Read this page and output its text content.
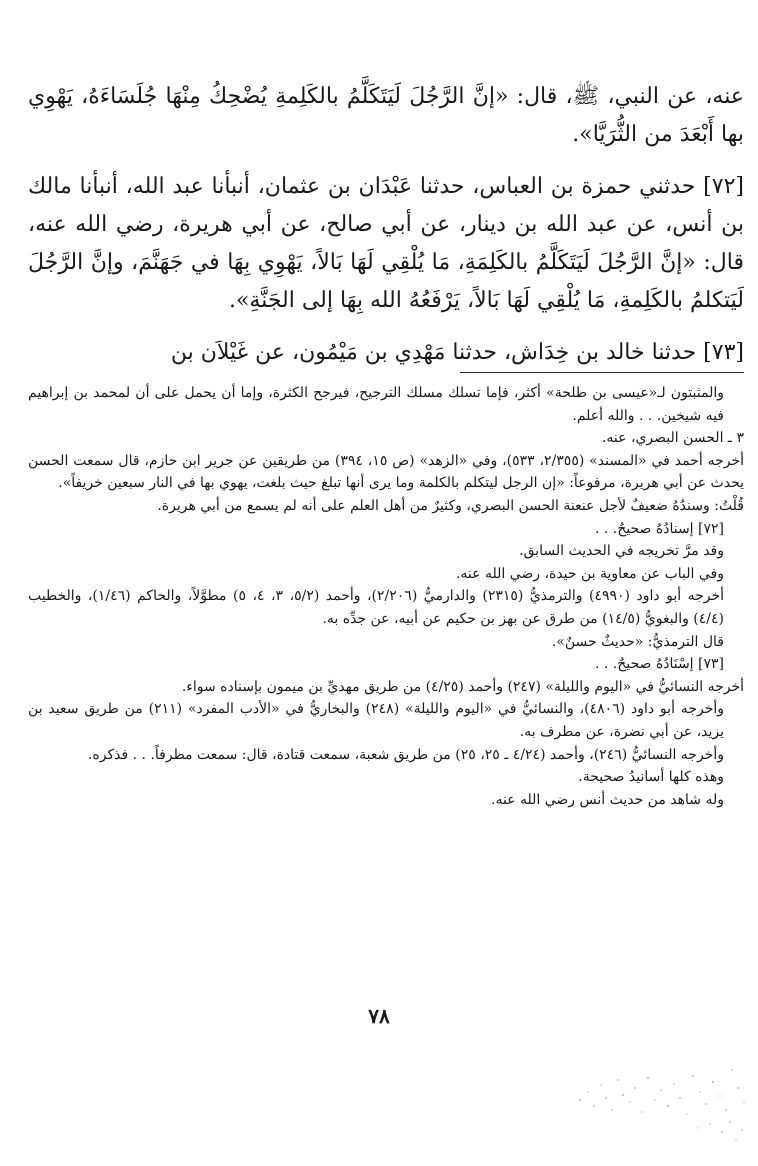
عنه، عن النبي، ﷺ، قال: «إنَّ الرَّجُلَ لَيَتَكَلَّمُ بالكَلِمةِ يُضْحِكُ مِنْهَا جُلَسَاءَهُ، يَهْوِي بها أَبْعَدَ من الثُّرَيَّا».

[٧٢] حدثني حمزة بن العباس، حدثنا عَبْدَان بن عثمان، أنبأنا عبد الله، أنبأنا مالك بن أنس، عن عبد الله بن دينار، عن أبي صالح، عن أبي هريرة، رضي الله عنه، قال: «إنَّ الرَّجُلَ لَيَتَكَلَّمُ بالكَلِمَةِ، مَا يُلْقِي لَهَا بَالاً، يَهْوِي بِهَا في جَهَنَّمَ، وإنَّ الرَّجُلَ لَيَتكلمُ بالكَلِمةِ، مَا يُلْقِي لَهَا بَالاً، يَرْفَعُهُ الله بِهَا إلى الجَنَّةِ».

[٧٣] حدثنا خالد بن خِدَاش، حدثنا مَهْدِي بن مَيْمُون، عن غَيْلاَن بن

والمثبتون لـ«عيسى بن طلحة» أكثر، فإما تسلك مسلك الترجيح، فيرجح الكثرة، وإما أن يحمل على أن لمحمد بن إبراهيم فيه شيخين. . . والله أعلم.

٣ ـ الحسن البصري، عنه.

أخرجه أحمد في «المسند» (٢/٣٥٥، ٥٣٣)، وفي «الزهد» (ص ١٥، ٣٩٤) من طريقين عن جرير ابن حازم، قال سمعت الحسن يحدث عن أبي هريرة، مرفوعاً: «إن الرجل ليتكلم بالكلمة وما يرى أنها تبلغ حيث بلغت، يهوي بها في النار سبعين خريفاً».

قُلْتُ: وسندُهُ ضعيفٌ لأجل عنعنة الحسن البصري، وكثيرٌ من أهل العلم على أنه لم يسمع من أبي هريرة.

[٧٢] إسنادُهُ صحيحٌ. . .

وقد مرَّ تخريجه في الحديث السابق.

وفي الباب عن معاوية بن حيدة، رضي الله عنه.

أخرجه أبو داود (٤٩٩٠) والترمذيُّ (٢٣١٥) والدارميُّ (٢/٢٠٦)، وأحمد (٥/٢، ٣، ٤، ٥) مطوَّلاً، والحاكم (١/٤٦)، والخطيب (٤/٤) والبغويُّ (١٤/٥) من طرق عن بهز بن حكيم عن أبيه، عن جدِّه به.

قال الترمذيُّ: «حديثٌ حسنٌ».

[٧٣] إسْنَادُهُ صحيحٌ. . .

أخرجه النسائيُّ في «اليوم والليلة» (٢٤٧) وأحمد (٤/٢٥) من طريق مهديِّ بن ميمون بإسناده سواء.

وأخرجه أبو داود (٤٨٠٦)، والنسائيُّ في «اليوم والليلة» (٢٤٨) والبخاريُّ في «الأدب المفرد» (٢١١) من طريق سعيد بن يزيد، عن أبي نضرة، عن مطرف به.

وأخرجه النسائيُّ (٢٤٦)، وأحمد (٤/٢٤ ـ ٢٥، ٢٥) من طريق شعبة، سمعت قتادة، قال: سمعت مطرفاً. . . فذكره.

وهذه كلها أسانيدُ صحيحة.

وله شاهد من حديث أنس رضي الله عنه.

٧٨
